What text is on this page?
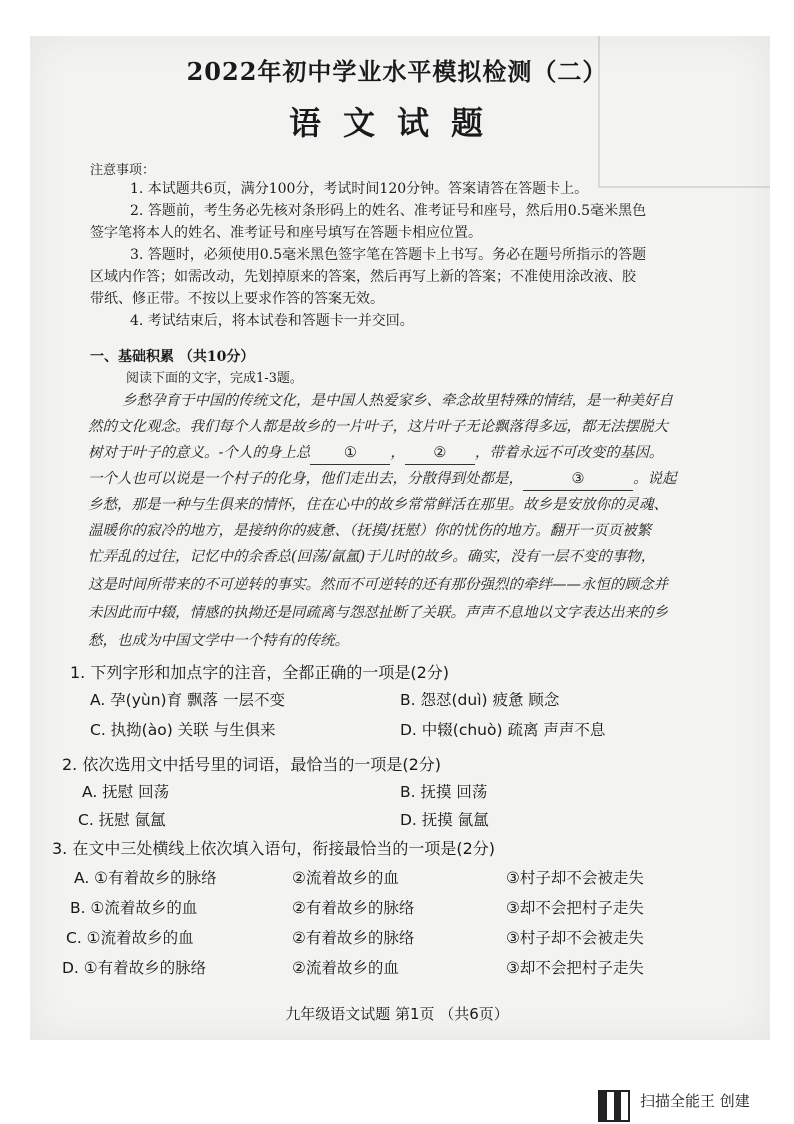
2022年初中学业水平模拟检测（二）
语文试题
注意事项：
1. 本试题共6页，满分100分，考试时间120分钟。答案请答在答题卡上。
2. 答题前，考生务必先核对条形码上的姓名、准考证号和座号，然后用0.5毫米黑色
签字笔将本人的姓名、准考证号和座号填写在答题卡相应位置。
3. 答题时，必须使用0.5毫米黑色签字笔在答题卡上书写。务必在题号所指示的答题
区域内作答；如需改动，先划掉原来的答案，然后再写上新的答案；不准使用涂改液、胶
带纸、修正带。不按以上要求作答的答案无效。
4. 考试结束后，将本试卷和答题卡一并交回。
一、基础积累 （共10分）
阅读下面的文字，完成1-3题。
乡愁孕育于中国的传统文化，是中国人热爱家乡、牵念故里特殊的情结，是一种美好自
然的文化观念。我们每个人都是故乡的一片叶子，这片叶子无论飘落得多远，都无法摆脱大
树对于叶子的意义。-个人的身上总 ① ， ② ，带着永远不可改变的基因。
一个人也可以说是一个村子的化身，他们走出去，分散得到处都是，	③	。说起
乡愁，那是一种与生俱来的情怀，住在心中的故乡常常鲜活在那里。故乡是安放你的灵魂、
温暖你的寂冷的地方，是接纳你的疲惫、（抚摸/抚慰）你的忧伤的地方。翻开一页页被繁
忙弄乱的过往，记忆中的余香总(回荡/氤氲)于儿时的故乡。确实，没有一层不变的事物，
这是时间所带来的不可逆转的事实。然而不可逆转的还有那份强烈的牵绊——永恒的顾念并
未因此而中辍，情感的执拗还是同疏离与怨怼扯断了关联。声声不息地以文字表达出来的乡
愁，也成为中国文学中一个特有的传统。
1. 下列字形和加点字的注音，全都正确的一项是(2分)
A. 孕(yùn)育 飘落 一层不变	B. 怨怼(duì) 疲惫 顾念
C. 执拗(ào) 关联 与生俱来	D. 中辍(chuò) 疏离 声声不息
2. 依次选用文中括号里的词语，最恰当的一项是(2分)
A. 抚慰 回荡	B. 抚摸 回荡
C. 抚慰 氤氲	D. 抚摸 氤氲
3. 在文中三处横线上依次填入语句，衔接最恰当的一项是(2分)
A. ①有着故乡的脉络	②流着故乡的血	③村子却不会被走失
B. ①流着故乡的血	②有着故乡的脉络	③却不会把村子走失
C. ①流着故乡的血	②有着故乡的脉络	③村子却不会被走失
D. ①有着故乡的脉络	②流着故乡的血	③却不会把村子走失
九年级语文试题 第1页 （共6页）
扫描全能王 创建
